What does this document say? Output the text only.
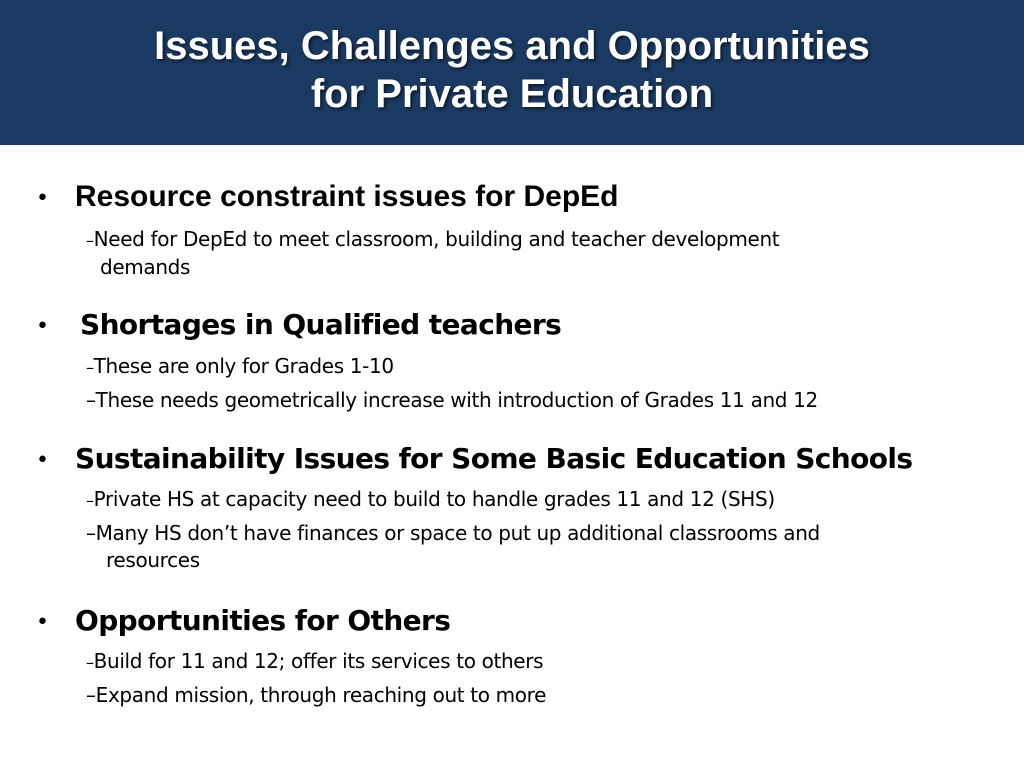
Issues, Challenges and Opportunities
for Private Education
• Resource constraint issues for DepEd
–Need for DepEd to meet classroom, building and teacher development
demands
• Shortages in Qualified teachers
–These are only for Grades 1-10
–These needs geometrically increase with introduction of Grades 11 and 12
• Sustainability Issues for Some Basic Education Schools
–Private HS at capacity need to build to handle grades 11 and 12 (SHS)
–Many HS don’t have finances or space to put up additional classrooms and
resources
• Opportunities for Others
–Build for 11 and 12; offer its services to others
–Expand mission, through reaching out to more
